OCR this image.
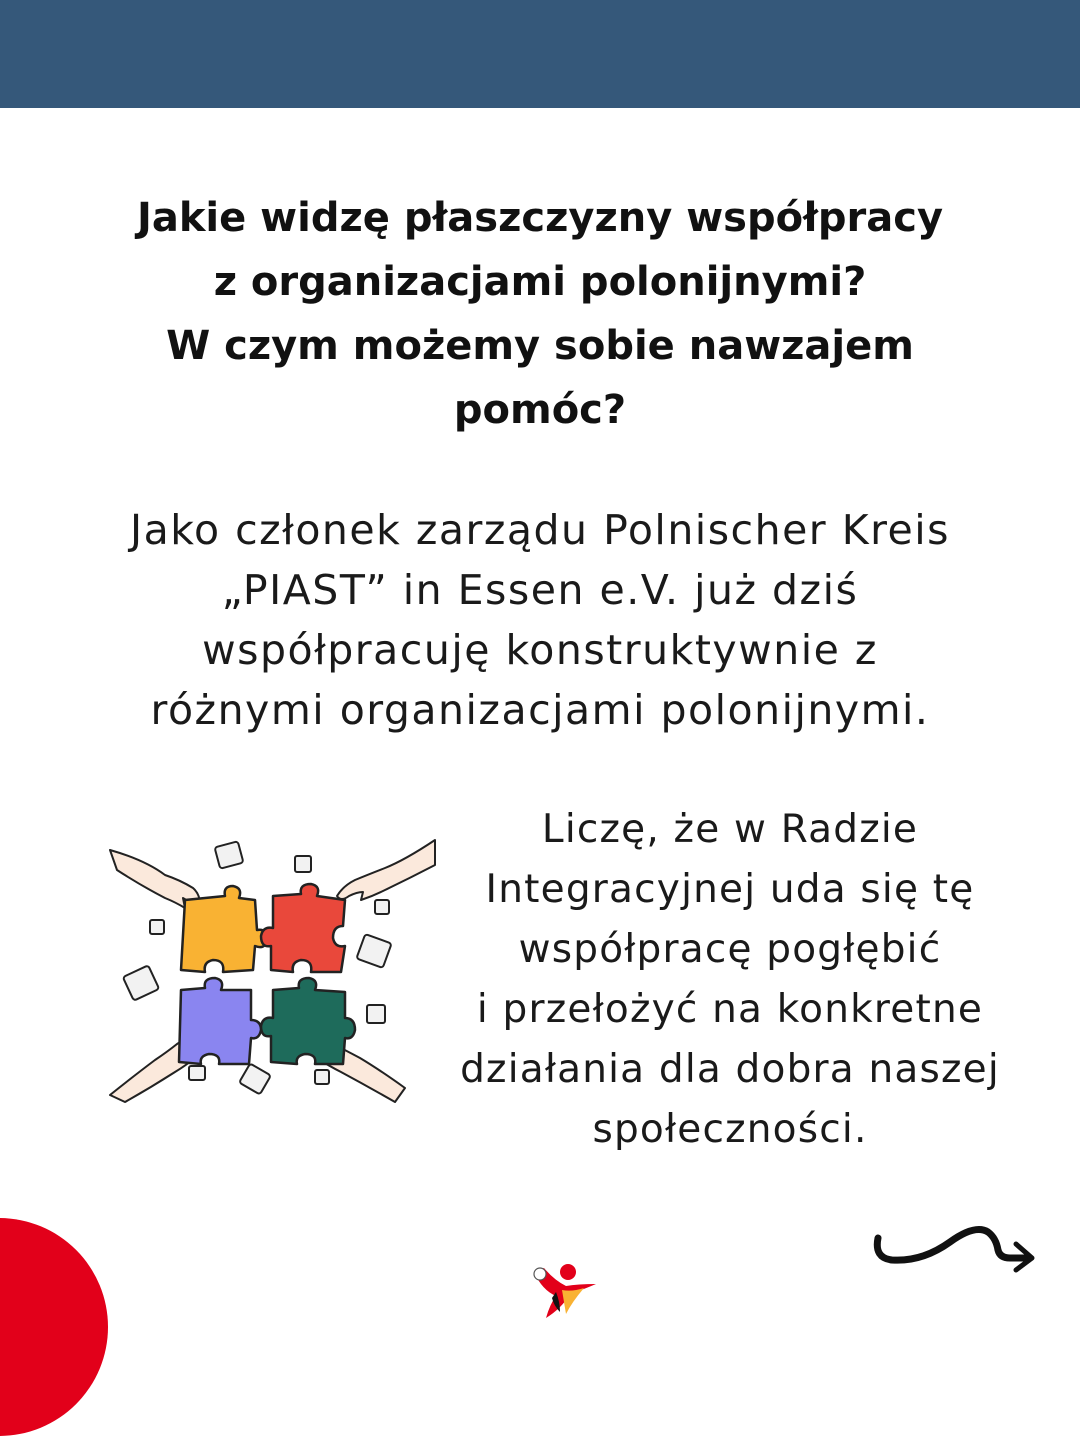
Jakie widzę płaszczyzny współpracy
z organizacjami polonijnymi?
W czym możemy sobie nawzajem
pomóc?
Jako członek zarządu Polnischer Kreis
„PIAST” in Essen e.V. już dziś
współpracuję konstruktywnie z
różnymi organizacjami polonijnymi.
Liczę, że w Radzie
Integracyjnej uda się tę
współpracę pogłębić
i przełożyć na konkretne
działania dla dobra naszej
społeczności.
